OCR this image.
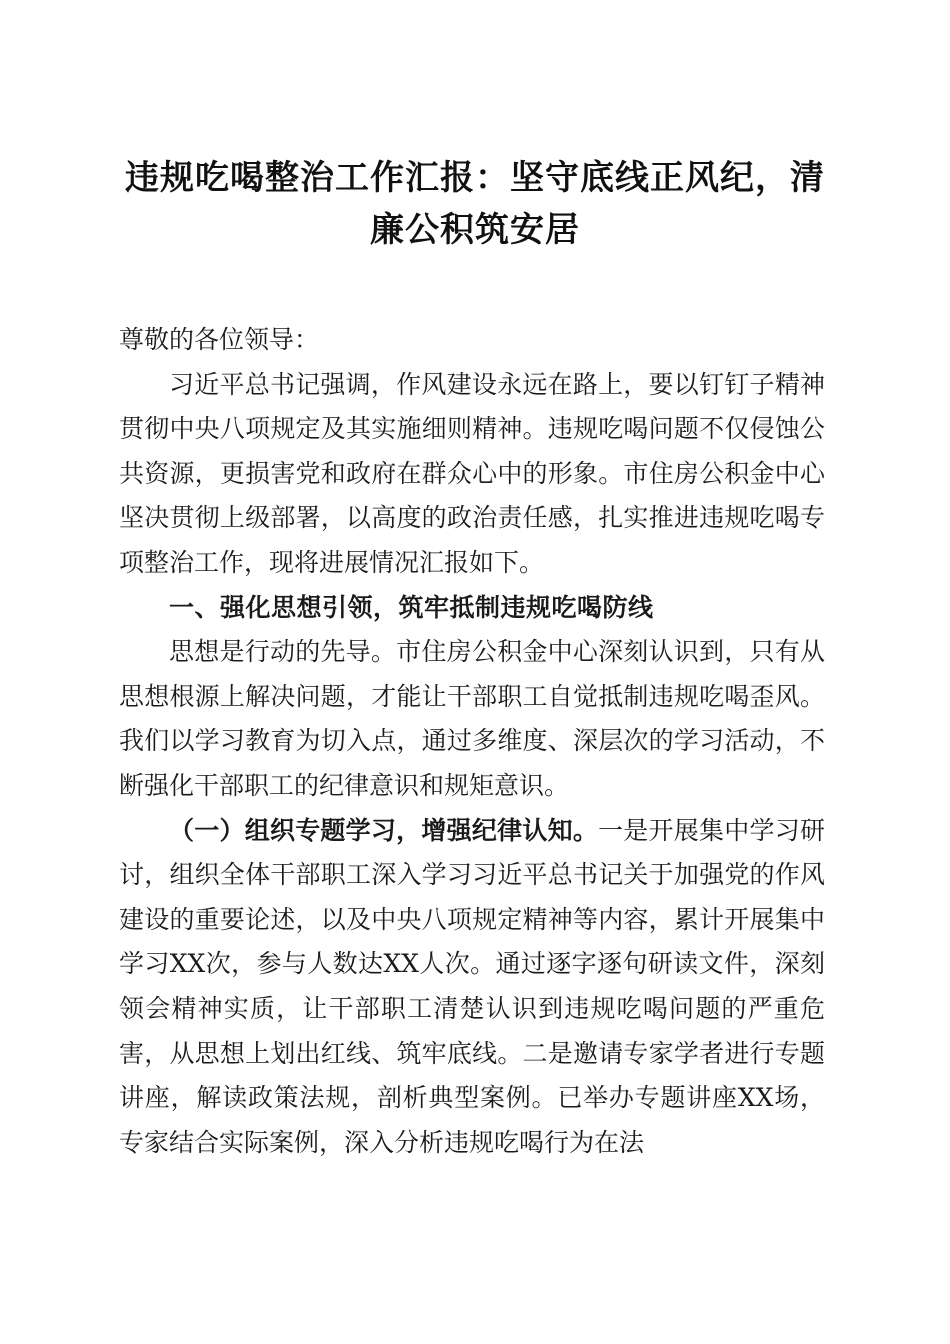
违规吃喝整治工作汇报：坚守底线正风纪，清
廉公积筑安居

尊敬的各位领导：

习近平总书记强调，作风建设永远在路上，要以钉钉子精神贯彻中央八项规定及其实施细则精神。违规吃喝问题不仅侵蚀公共资源，更损害党和政府在群众心中的形象。市住房公积金中心坚决贯彻上级部署，以高度的政治责任感，扎实推进违规吃喝专项整治工作，现将进展情况汇报如下。

一、强化思想引领，筑牢抵制违规吃喝防线

思想是行动的先导。市住房公积金中心深刻认识到，只有从思想根源上解决问题，才能让干部职工自觉抵制违规吃喝歪风。我们以学习教育为切入点，通过多维度、深层次的学习活动，不断强化干部职工的纪律意识和规矩意识。

（一）组织专题学习，增强纪律认知。一是开展集中学习研讨，组织全体干部职工深入学习习近平总书记关于加强党的作风建设的重要论述，以及中央八项规定精神等内容，累计开展集中学习XX次，参与人数达XX人次。通过逐字逐句研读文件，深刻领会精神实质，让干部职工清楚认识到违规吃喝问题的严重危害，从思想上划出红线、筑牢底线。二是邀请专家学者进行专题讲座，解读政策法规，剖析典型案例。已举办专题讲座XX场，专家结合实际案例，深入分析违规吃喝行为在法
